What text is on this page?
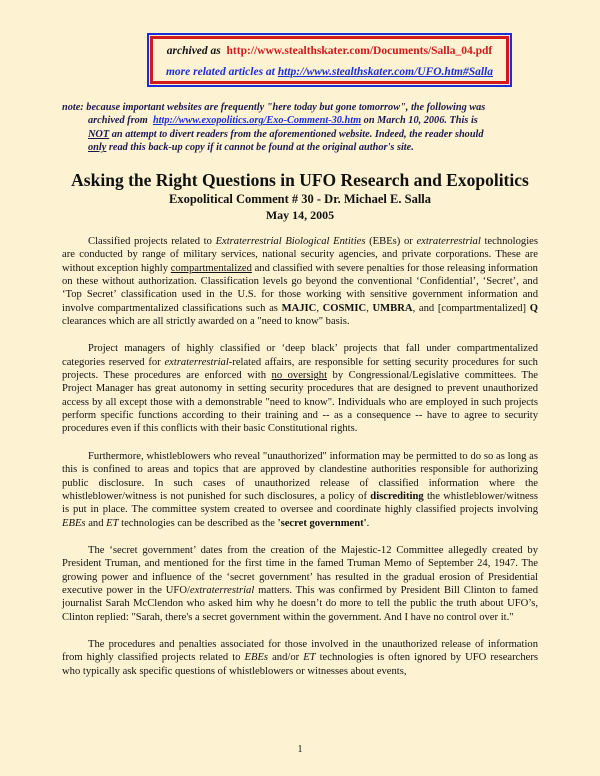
archived as http://www.stealthskater.com/Documents/Salla_04.pdf
more related articles at http://www.stealthskater.com/UFO.htm#Salla
note: because important websites are frequently "here today but gone tomorrow", the following was
archived from http://www.exopolitics.org/Exo-Comment-30.htm on March 10, 2006. This is
NOT an attempt to divert readers from the aforementioned website. Indeed, the reader should
only read this back-up copy if it cannot be found at the original author's site.
Asking the Right Questions in UFO Research and Exopolitics
Exopolitical Comment # 30 - Dr. Michael E. Salla
May 14, 2005

Classified projects related to Extraterrestrial Biological Entities (EBEs) or extraterrestrial technologies are conducted by range of military services, national security agencies, and private corporations. These are without exception highly compartmentalized and classified with severe penalties for those releasing information on these without authorization. Classification levels go beyond the conventional ‘Confidential’, ‘Secret’, and ‘Top Secret’ classification used in the U.S. for those working with sensitive government information and involve compartmentalized classifications such as MAJIC, COSMIC, UMBRA, and [compartmentalized] Q clearances which are all strictly awarded on a "need to know" basis.

Project managers of highly classified or ‘deep black’ projects that fall under compartmentalized categories reserved for extraterrestrial-related affairs, are responsible for setting security procedures for such projects. These procedures are enforced with no oversight by Congressional/Legislative committees. The Project Manager has great autonomy in setting security procedures that are designed to prevent unauthorized access by all except those with a demonstrable "need to know". Individuals who are employed in such projects perform specific functions according to their training and -- as a consequence -- have to agree to security procedures even if this conflicts with their basic Constitutional rights.

Furthermore, whistleblowers who reveal "unauthorized" information may be permitted to do so as long as this is confined to areas and topics that are approved by clandestine authorities responsible for authorizing public disclosure. In such cases of unauthorized release of classified information where the whistleblower/witness is not punished for such disclosures, a policy of discrediting the whistleblower/witness is put in place. The committee system created to oversee and coordinate highly classified projects involving EBEs and ET technologies can be described as the 'secret government'.

The ‘secret government’ dates from the creation of the Majestic-12 Committee allegedly created by President Truman, and mentioned for the first time in the famed Truman Memo of September 24, 1947. The growing power and influence of the ‘secret government’ has resulted in the gradual erosion of Presidential executive power in the UFO/extraterrestrial matters. This was confirmed by President Bill Clinton to famed journalist Sarah McClendon who asked him why he doesn’t do more to tell the public the truth about UFO’s, Clinton replied: "Sarah, there's a secret government within the government. And I have no control over it."

The procedures and penalties associated for those involved in the unauthorized release of information from highly classified projects related to EBEs and/or ET technologies is often ignored by UFO researchers who typically ask specific questions of whistleblowers or witnesses about events,

1
